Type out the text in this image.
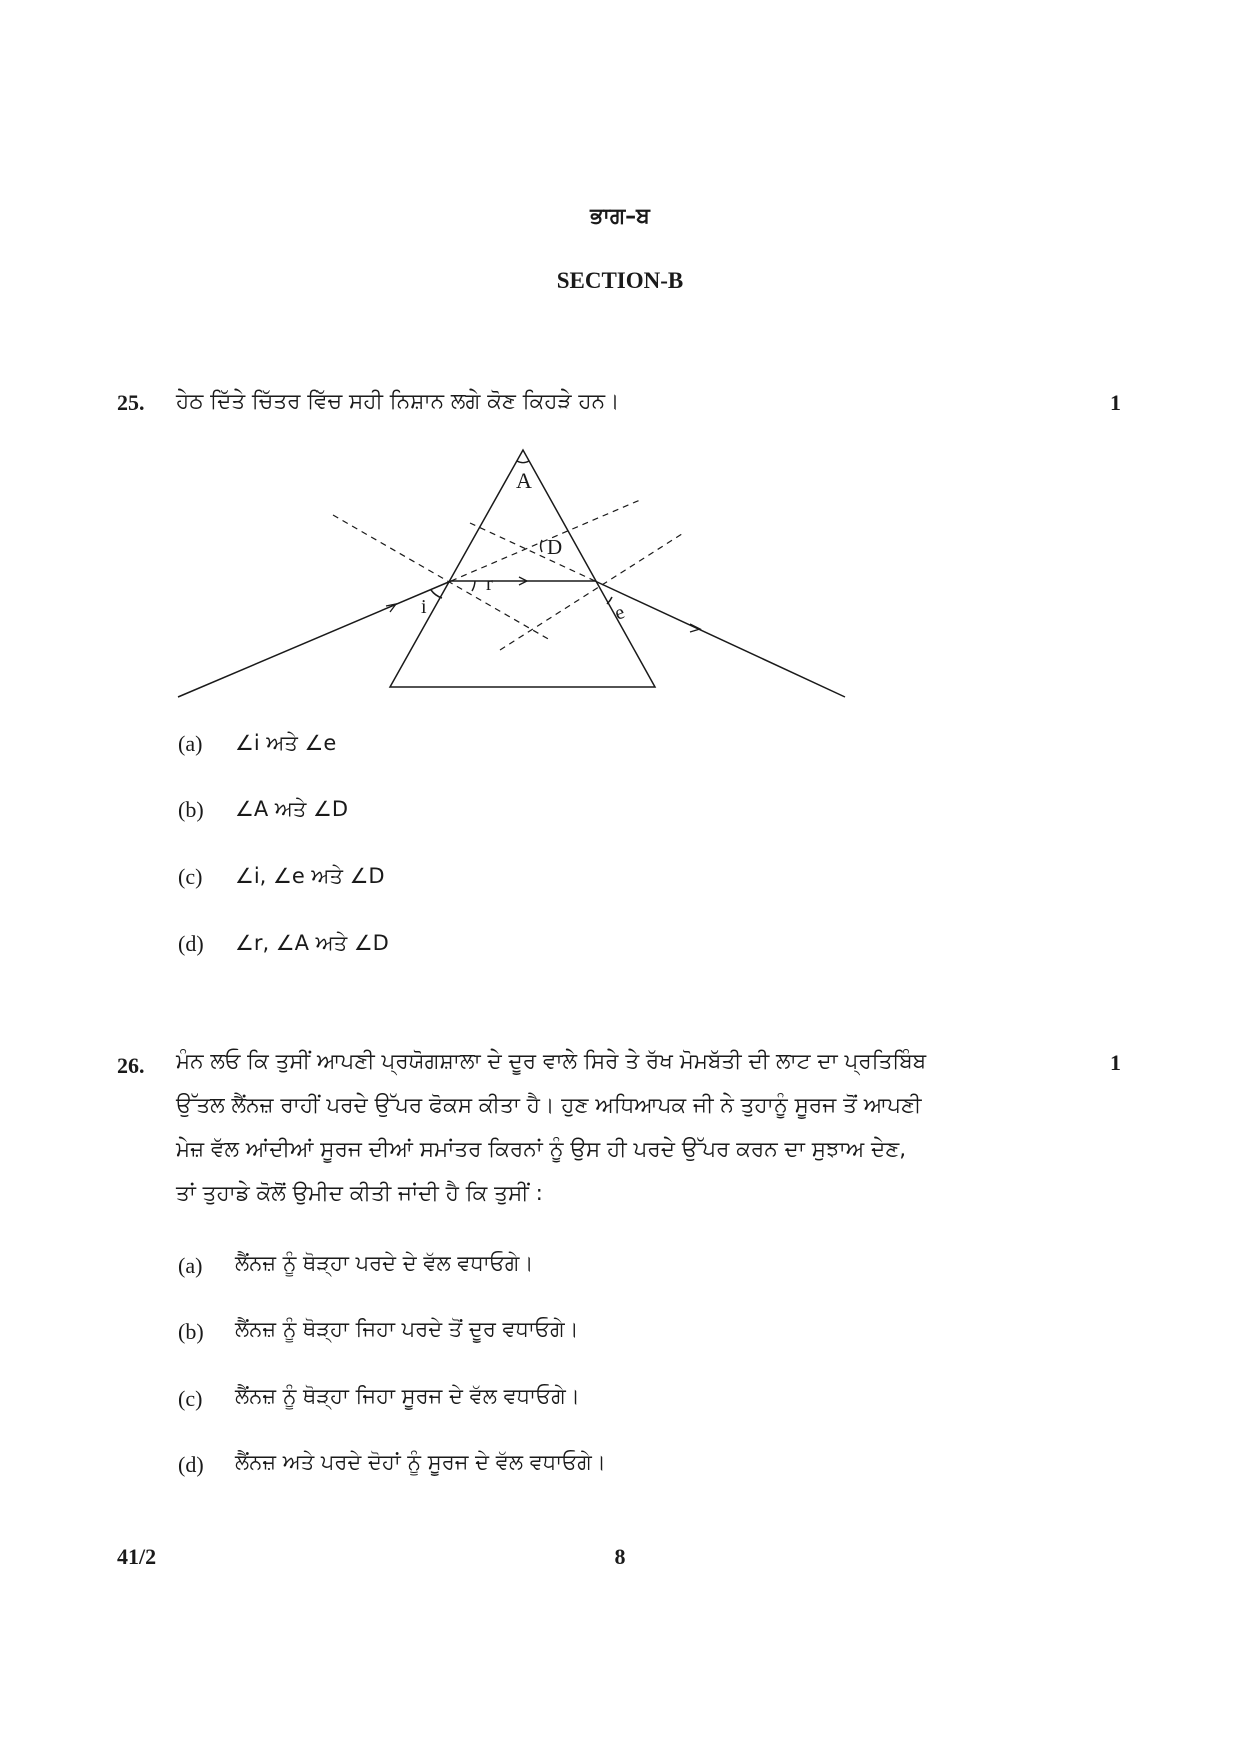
ਭਾਗ–ਬ
SECTION-B
25. ਹੇਠ ਦਿੱਤੇ ਚਿੱਤਰ ਵਿੱਚ ਸਹੀ ਨਿਸ਼ਾਨ ਲਗੇ ਕੋਣ ਕਿਹੜੇ ਹਨ।	1
A
D
r
i	e
(a) ∠i ਅਤੇ ∠e
(b) ∠A ਅਤੇ ∠D
(c) ∠i, ∠e ਅਤੇ ∠D
(d) ∠r, ∠A ਅਤੇ ∠D
26.	1
ਮੰਨ ਲਓ ਕਿ ਤੁਸੀਂ ਆਪਣੀ ਪ੍ਰਯੋਗਸ਼ਾਲਾ ਦੇ ਦੂਰ ਵਾਲੇ ਸਿਰੇ ਤੇ ਰੱਖ ਮੋਮਬੱਤੀ ਦੀ ਲਾਟ ਦਾ ਪ੍ਰਤਿਬਿੰਬ
ਉੱਤਲ ਲੈਂਨਜ਼ ਰਾਹੀਂ ਪਰਦੇ ਉੱਪਰ ਫੋਕਸ ਕੀਤਾ ਹੈ। ਹੁਣ ਅਧਿਆਪਕ ਜੀ ਨੇ ਤੁਹਾਨੂੰ ਸੂਰਜ ਤੋਂ ਆਪਣੀ
ਮੇਜ਼ ਵੱਲ ਆਂਦੀਆਂ ਸੂਰਜ ਦੀਆਂ ਸਮਾਂਤਰ ਕਿਰਨਾਂ ਨੂੰ ਉਸ ਹੀ ਪਰਦੇ ਉੱਪਰ ਕਰਨ ਦਾ ਸੁਝਾਅ ਦੇਣ,
ਤਾਂ ਤੁਹਾਡੇ ਕੋਲੋਂ ਉਮੀਦ ਕੀਤੀ ਜਾਂਦੀ ਹੈ ਕਿ ਤੁਸੀਂ :
(a) ਲੈਂਨਜ਼ ਨੂੰ ਥੋੜ੍ਹਾ ਪਰਦੇ ਦੇ ਵੱਲ ਵਧਾਓਗੇ।
(b) ਲੈਂਨਜ਼ ਨੂੰ ਥੋੜ੍ਹਾ ਜਿਹਾ ਪਰਦੇ ਤੋਂ ਦੂਰ ਵਧਾਓਗੇ।
(c) ਲੈਂਨਜ਼ ਨੂੰ ਥੋੜ੍ਹਾ ਜਿਹਾ ਸੂਰਜ ਦੇ ਵੱਲ ਵਧਾਓਗੇ।
(d) ਲੈਂਨਜ਼ ਅਤੇ ਪਰਦੇ ਦੋਹਾਂ ਨੂੰ ਸੂਰਜ ਦੇ ਵੱਲ ਵਧਾਓਗੇ।
41/2	8
